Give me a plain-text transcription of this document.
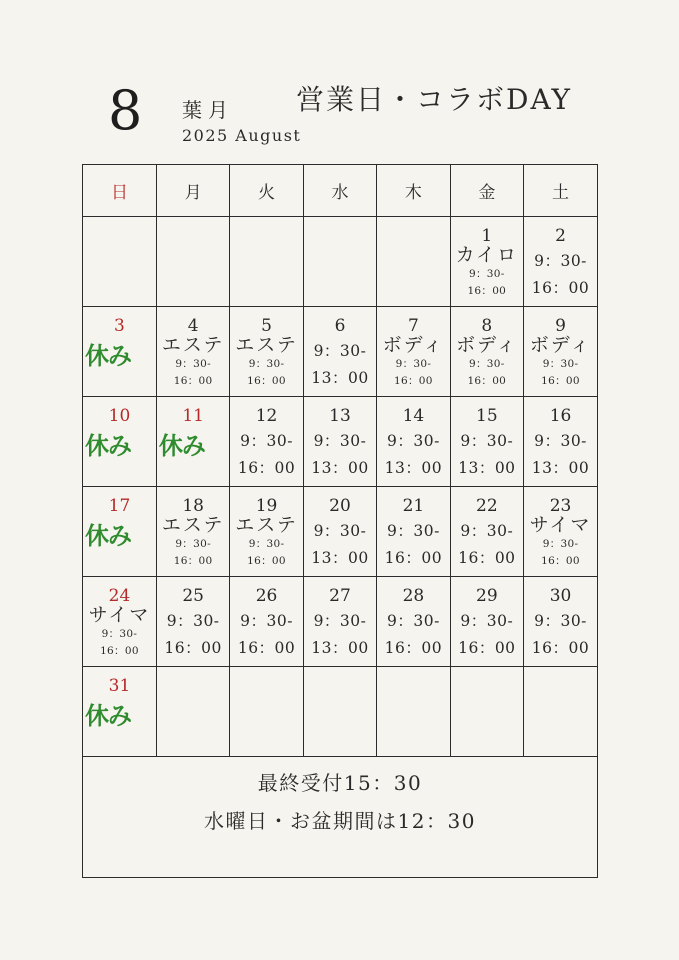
8 葉月
2025 August
営業日・コラボDAY
日	月	火	水	木	金	土

					1
カイロ
9：30-16：00	2
9：30-
16：00

3
休み	4
エステ
9：30-16：00	5
エステ
9：30-16：00	6
9：30-
13：00	7
ボディ
9：30-16：00	8
ボディ
9：30-16：00	9
ボディ
9：30-16：00

10
休み	11
休み	12
9：30-
16：00	13
9：30-
13：00	14
9：30-
13：00	15
9：30-
13：00	16
9：30-
13：00

17
休み	18
エステ
9：30-16：00	19
エステ
9：30-16：00	20
9：30-
13：00	21
9：30-
16：00	22
9：30-
16：00	23
サイマ
9：30-16：00

24
サイマ
9：30-16：00	25
9：30-
16：00	26
9：30-
16：00	27
9：30-
13：00	28
9：30-
16：00	29
9：30-
16：00	30
9：30-
16：00

31
休み						

最終受付15：30
水曜日・お盆期間は12：30						
